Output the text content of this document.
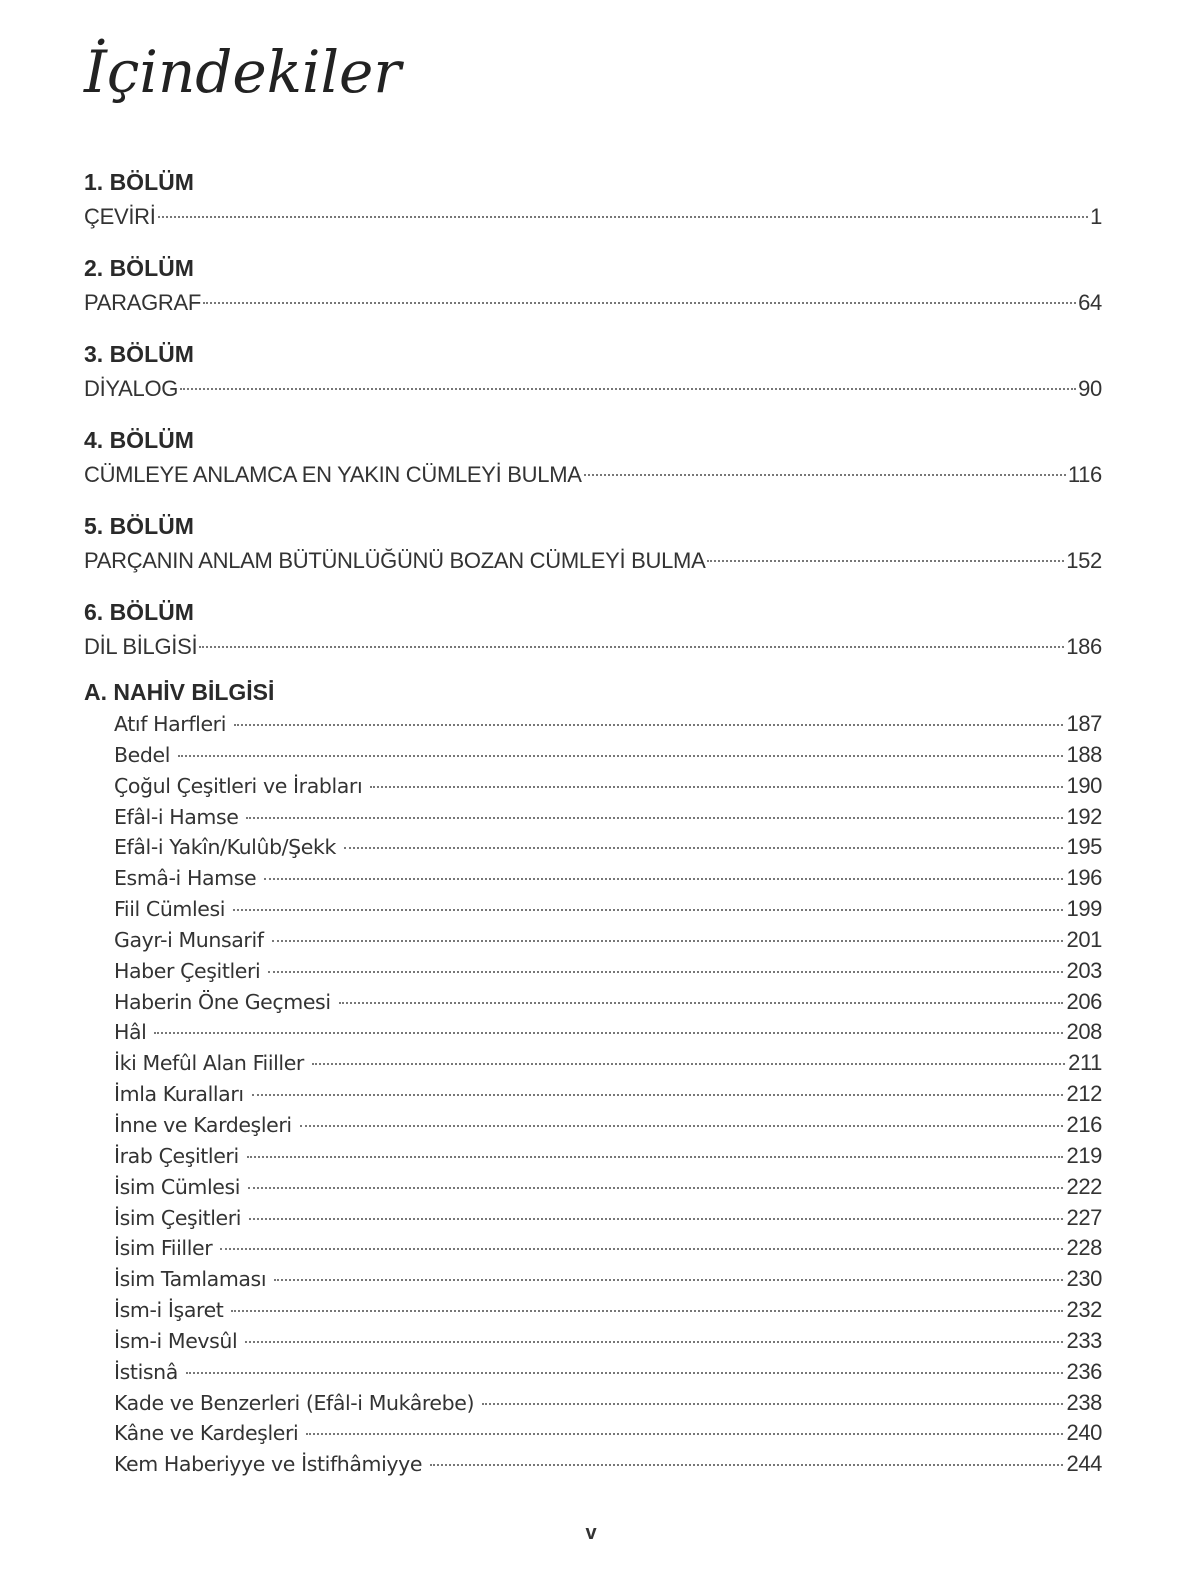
İçindekiler
1. BÖLÜM
ÇEVİRİ	1
2. BÖLÜM
PARAGRAF	64
3. BÖLÜM
DİYALOG	90
4. BÖLÜM
CÜMLEYE ANLAMCA EN YAKIN CÜMLEYİ BULMA	116
5. BÖLÜM
PARÇANIN ANLAM BÜTÜNLÜĞÜNÜ BOZAN CÜMLEYİ BULMA	152
6. BÖLÜM
DİL BİLGİSİ	186
A. NAHİV BİLGİSİ
Atıf Harfleri	187
Bedel	188
Çoğul Çeşitleri ve İrabları	190
Efâl-i Hamse	192
Efâl-i Yakîn/Kulûb/Şekk	195
Esmâ-i Hamse	196
Fiil Cümlesi	199
Gayr-i Munsarif	201
Haber Çeşitleri	203
Haberin Öne Geçmesi	206
Hâl	208
İki Mefûl Alan Fiiller	211
İmla Kuralları	212
İnne ve Kardeşleri	216
İrab Çeşitleri	219
İsim Cümlesi	222
İsim Çeşitleri	227
İsim Fiiller	228
İsim Tamlaması	230
İsm-i İşaret	232
İsm-i Mevsûl	233
İstisnâ	236
Kade ve Benzerleri (Efâl-i Mukârebe)	238
Kâne ve Kardeşleri	240
Kem Haberiyye ve İstifhâmiyye	244
v
